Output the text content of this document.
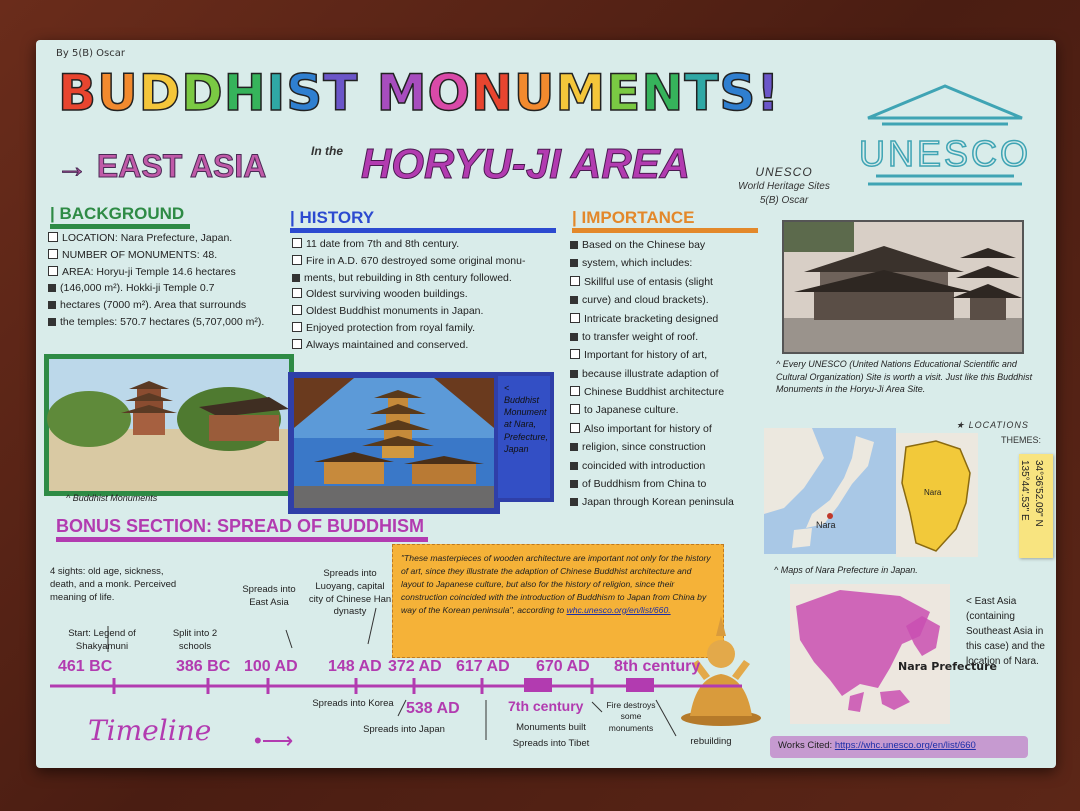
By 5(B) Oscar
BUDDHIST MONUMENTS!
→ EAST ASIA	In the HORYU-JI AREA	UNESCO
World Heritage Sites
5(B) Oscar
UNESCO
| BACKGROUND
LOCATION: Nara Prefecture, Japan.
NUMBER OF MONUMENTS: 48.
AREA: Horyu-ji Temple 14.6 hectares
(146,000 m²). Hokki-ji Temple 0.7
hectares (7000 m²). Area that surrounds
the temples: 570.7 hectares (5,707,000 m²).
^ Buddhist Monuments
| HISTORY
11 date from 7th and 8th century.
Fire in A.D. 670 destroyed some original monu-
ments, but rebuilding in 8th century followed.
Oldest surviving wooden buildings.
Oldest Buddhist monuments in Japan.
Enjoyed protection from royal family.
Always maintained and conserved.
< Buddhist Monument at Nara, Prefecture, Japan
| IMPORTANCE
Based on the Chinese bay
system, which includes:
Skillful use of entasis (slight
curve) and cloud brackets).
Intricate bracketing designed
to transfer weight of roof.
Important for history of art,
because illustrate adaption of
Chinese Buddhist architecture
to Japanese culture.
Also important for history of
religion, since construction
coincided with introduction
of Buddhism from China to
Japan through Korean peninsula
^ Every UNESCO (United Nations Educational Scientific and Cultural Organization) Site is worth a visit. Just like this Buddhist Monuments in the Horyu-Ji Area Site.
★ LOCATIONS
THEMES:
Nara
Nara	34°36'52.09" N
135°44'.53" E
^ Maps of Nara Prefecture in Japan.
Nara Prefecture
< East Asia (containing Southeast Asia in this case) and the location of Nara.
BONUS SECTION: SPREAD OF BUDDHISM
"These masterpieces of wooden architecture are important not only for the history of art, since they illustrate the adaption of Chinese Buddhist architecture and layout to Japanese culture, but also for the history of religion, since their construction coincided with the introduction of Buddhism to Japan from China by way of the Korean peninsula", according to whc.unesco.org/en/list/660.
4 sights: old age, sickness, death, and a monk. Perceived meaning of life.
Start: Legend of Shakyamuni
Split into 2 schools
Spreads into East Asia
Spreads into Luoyang, capital city of Chinese Han dynasty
461 BC	386 BC 100 AD 148 AD 372 AD 617 AD 670 AD 8th century
Spreads into Korea 538 AD
Spreads into Japan
7th century
Monuments built
Spreads into Tibet
Fire destroys some monuments
rebuilding
Timeline •⟶	Works Cited: https://whc.unesco.org/en/list/660
